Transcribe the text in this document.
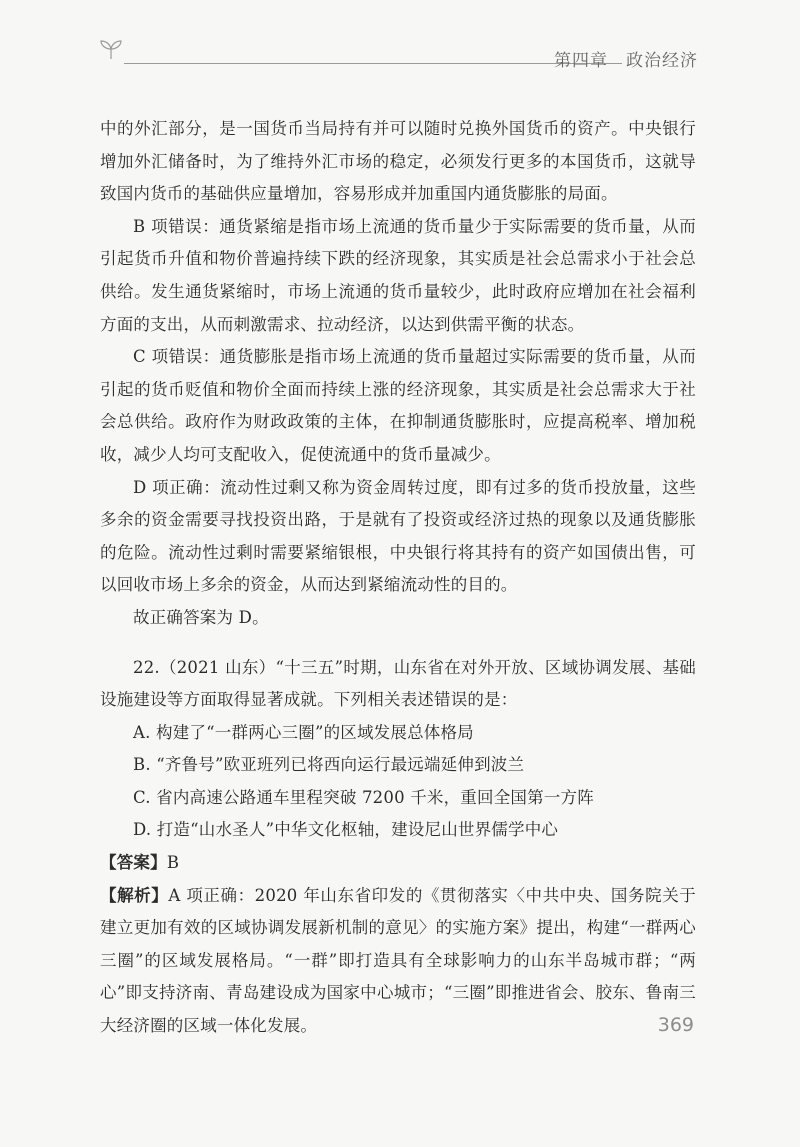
第四章　政治经济

中的外汇部分，是一国货币当局持有并可以随时兑换外国货币的资产。中央银行增加外汇储备时，为了维持外汇市场的稳定，必须发行更多的本国货币，这就导致国内货币的基础供应量增加，容易形成并加重国内通货膨胀的局面。

B 项错误：通货紧缩是指市场上流通的货币量少于实际需要的货币量，从而引起货币升值和物价普遍持续下跌的经济现象，其实质是社会总需求小于社会总供给。发生通货紧缩时，市场上流通的货币量较少，此时政府应增加在社会福利方面的支出，从而刺激需求、拉动经济，以达到供需平衡的状态。

C 项错误：通货膨胀是指市场上流通的货币量超过实际需要的货币量，从而引起的货币贬值和物价全面而持续上涨的经济现象，其实质是社会总需求大于社会总供给。政府作为财政政策的主体，在抑制通货膨胀时，应提高税率、增加税收，减少人均可支配收入，促使流通中的货币量减少。

D 项正确：流动性过剩又称为资金周转过度，即有过多的货币投放量，这些多余的资金需要寻找投资出路，于是就有了投资或经济过热的现象以及通货膨胀的危险。流动性过剩时需要紧缩银根，中央银行将其持有的资产如国债出售，可以回收市场上多余的资金，从而达到紧缩流动性的目的。

故正确答案为 D。

22.（2021 山东）“十三五”时期，山东省在对外开放、区域协调发展、基础设施建设等方面取得显著成就。下列相关表述错误的是：

A. 构建了“一群两心三圈”的区域发展总体格局

B. “齐鲁号”欧亚班列已将西向运行最远端延伸到波兰

C. 省内高速公路通车里程突破 7200 千米，重回全国第一方阵

D. 打造“山水圣人”中华文化枢轴，建设尼山世界儒学中心

【答案】B

【解析】A 项正确：2020 年山东省印发的《贯彻落实〈中共中央、国务院关于建立更加有效的区域协调发展新机制的意见〉的实施方案》提出，构建“一群两心三圈”的区域发展格局。“一群”即打造具有全球影响力的山东半岛城市群；“两心”即支持济南、青岛建设成为国家中心城市；“三圈”即推进省会、胶东、鲁南三大经济圈的区域一体化发展。	369
